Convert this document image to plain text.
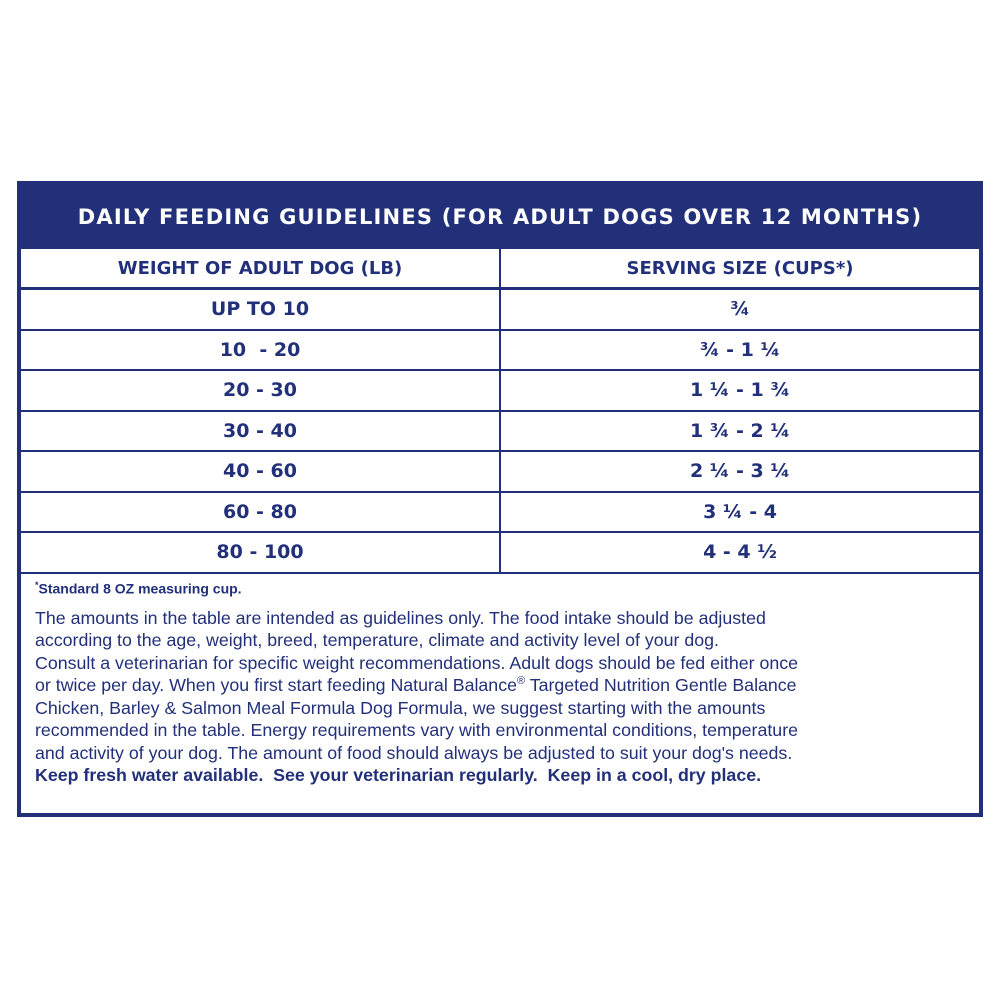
DAILY FEEDING GUIDELINES (FOR ADULT DOGS OVER 12 MONTHS)
WEIGHT OF ADULT DOG (LB)	SERVING SIZE (CUPS*)
UP TO 10	¾
10  - 20	¾ - 1 ¼
20 - 30	1 ¼ - 1 ¾
30 - 40	1 ¾ - 2 ¼
40 - 60	2 ¼ - 3 ¼
60 - 80	3 ¼ - 4
80 - 100	4 - 4 ½
*Standard 8 OZ measuring cup.

The amounts in the table are intended as guidelines only. The food intake should be adjusted

according to the age, weight, breed, temperature, climate and activity level of your dog.

Consult a veterinarian for specific weight recommendations. Adult dogs should be fed either once

or twice per day. When you first start feeding Natural Balance® Targeted Nutrition Gentle Balance

Chicken, Barley & Salmon Meal Formula Dog Formula, we suggest starting with the amounts

recommended in the table. Energy requirements vary with environmental conditions, temperature

and activity of your dog. The amount of food should always be adjusted to suit your dog's needs.

Keep fresh water available.  See your veterinarian regularly.  Keep in a cool, dry place.
